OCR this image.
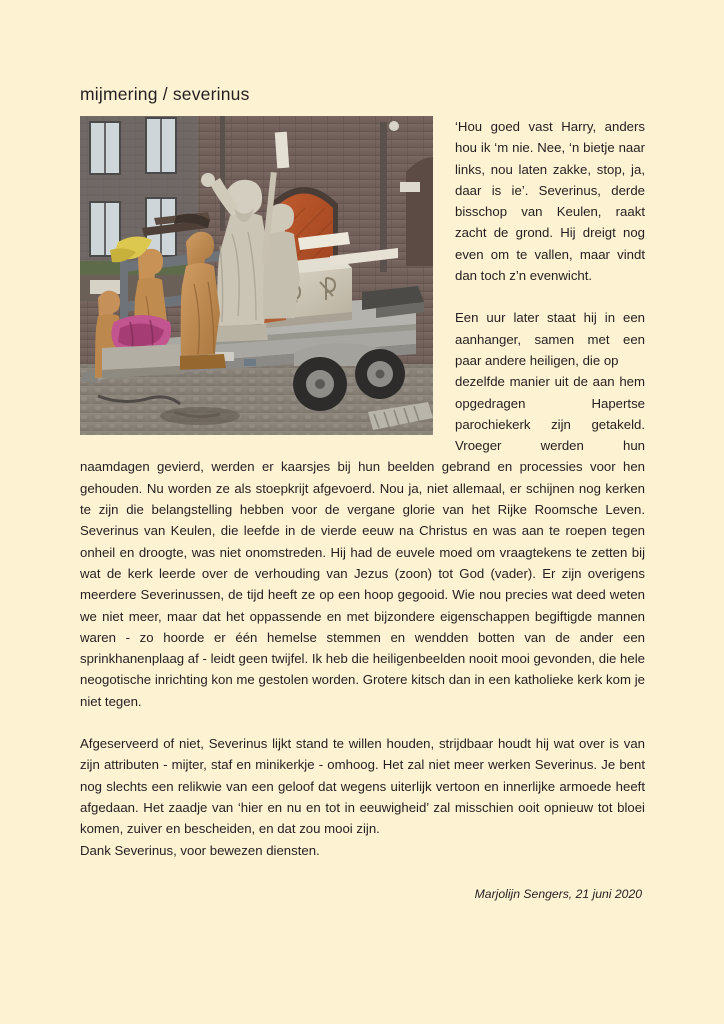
mijmering / severinus

‘Hou goed vast Harry, anders hou ik ‘m nie. Nee, ‘n bietje naar links, nou laten zakke, stop, ja, daar is ie’. Severinus, derde bisschop van Keulen, raakt zacht de grond. Hij dreigt nog even om te vallen, maar vindt dan toch z’n evenwicht.

Een uur later staat hij in een aanhanger, samen met een paar andere heiligen, die op

dezelfde manier uit de aan hem opgedragen Hapertse parochiekerk zijn getakeld. Vroeger werden hun naamdagen gevierd, werden er kaarsjes bij hun beelden gebrand en processies voor hen gehouden. Nu worden ze als stoepkrijt afgevoerd. Nou ja, niet allemaal, er schijnen nog kerken te zijn die belangstelling hebben voor de vergane glorie van het Rijke Roomsche Leven. Severinus van Keulen, die leefde in de vierde eeuw na Christus en was aan te roepen tegen onheil en droogte, was niet onomstreden. Hij had de euvele moed om vraagtekens te zetten bij wat de kerk leerde over de verhouding van Jezus (zoon) tot God (vader). Er zijn overigens meerdere Severinussen, de tijd heeft ze op een hoop gegooid. Wie nou precies wat deed weten we niet meer, maar dat het oppassende en met bijzondere eigenschappen begiftigde mannen waren - zo hoorde er één hemelse stemmen en wendden botten van de ander een sprinkhanenplaag af - leidt geen twijfel. Ik heb die heiligenbeelden nooit mooi gevonden, die hele neogotische inrichting kon me gestolen worden. Grotere kitsch dan in een katholieke kerk kom je niet tegen.

Afgeserveerd of niet, Severinus lijkt stand te willen houden, strijdbaar houdt hij wat over is van zijn attributen - mijter, staf en minikerkje - omhoog. Het zal niet meer werken Severinus. Je bent nog slechts een relikwie van een geloof dat wegens uiterlijk vertoon en innerlijke armoede heeft afgedaan. Het zaadje van ‘hier en nu en tot in eeuwigheid’ zal misschien ooit opnieuw tot bloei komen, zuiver en bescheiden, en dat zou mooi zijn.

Dank Severinus, voor bewezen diensten.

Marjolijn Sengers, 21 juni 2020
